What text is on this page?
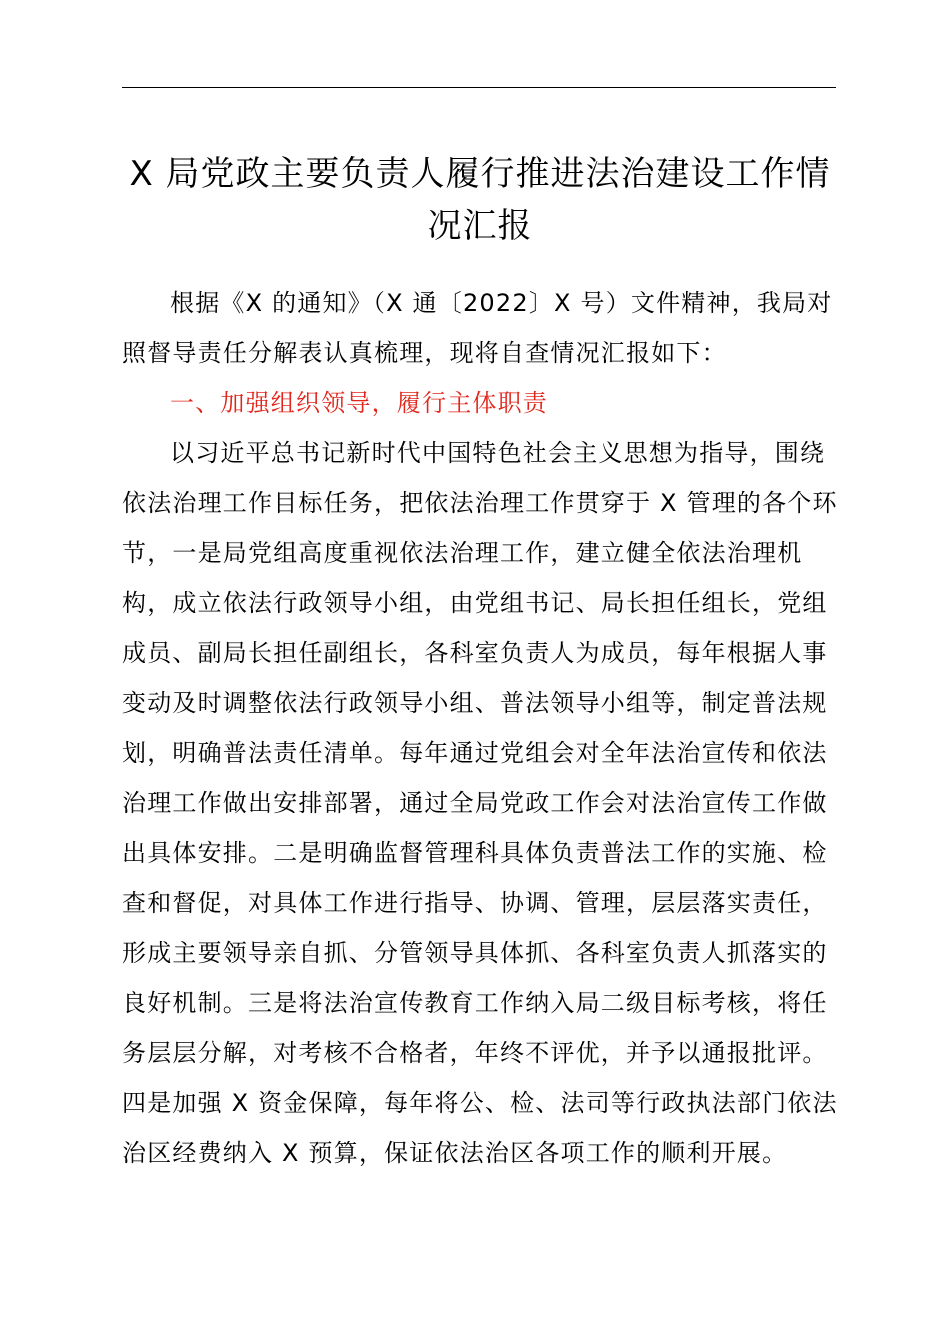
X 局党政主要负责人履行推进法治建设工作情
况汇报

根据《X 的通知》（X 通〔2022〕X 号）文件精神，我局对照督导责任分解表认真梳理，现将自查情况汇报如下：

一、加强组织领导，履行主体职责

以习近平总书记新时代中国特色社会主义思想为指导，围绕依法治理工作目标任务，把依法治理工作贯穿于 X 管理的各个环节，一是局党组高度重视依法治理工作，建立健全依法治理机构，成立依法行政领导小组，由党组书记、局长担任组长，党组成员、副局长担任副组长，各科室负责人为成员，每年根据人事变动及时调整依法行政领导小组、普法领导小组等，制定普法规划，明确普法责任清单。每年通过党组会对全年法治宣传和依法治理工作做出安排部署，通过全局党政工作会对法治宣传工作做出具体安排。二是明确监督管理科具体负责普法工作的实施、检查和督促，对具体工作进行指导、协调、管理，层层落实责任，形成主要领导亲自抓、分管领导具体抓、各科室负责人抓落实的良好机制。三是将法治宣传教育工作纳入局二级目标考核，将任务层层分解，对考核不合格者，年终不评优，并予以通报批评。四是加强 X 资金保障，每年将公、检、法司等行政执法部门依法治区经费纳入 X 预算，保证依法治区各项工作的顺利开展。
